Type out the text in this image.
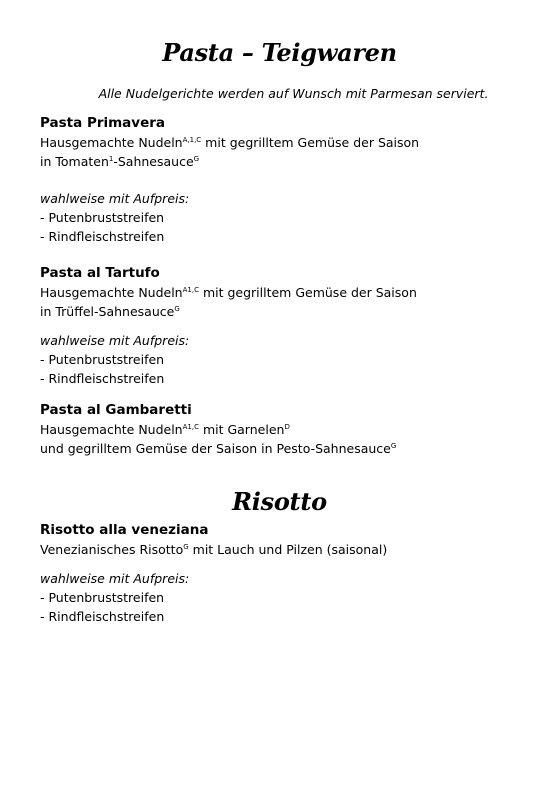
Pasta – Teigwaren
Alle Nudelgerichte werden auf Wunsch mit Parmesan serviert.
Pasta Primavera
Hausgemachte Nudeln$^{A,1,C}$ mit gegrilltem Gemüse der Saison
in Tomaten$^1$-Sahnesauce$^G$
wahlweise mit Aufpreis:
- Putenbruststreifen
- Rindfleischstreifen
Pasta al Tartufo
Hausgemachte Nudeln$^{A1,C}$ mit gegrilltem Gemüse der Saison
in Trüffel-Sahnesauce$^G$
wahlweise mit Aufpreis:
- Putenbruststreifen
- Rindfleischstreifen
Pasta al Gambaretti
Hausgemachte Nudeln$^{A1,C}$ mit Garnelen$^D$
und gegrilltem Gemüse der Saison in Pesto-Sahnesauce$^G$
Risotto
Risotto alla veneziana
Venezianisches Risotto$^G$ mit Lauch und Pilzen (saisonal)
wahlweise mit Aufpreis:
- Putenbruststreifen
- Rindfleischstreifen
